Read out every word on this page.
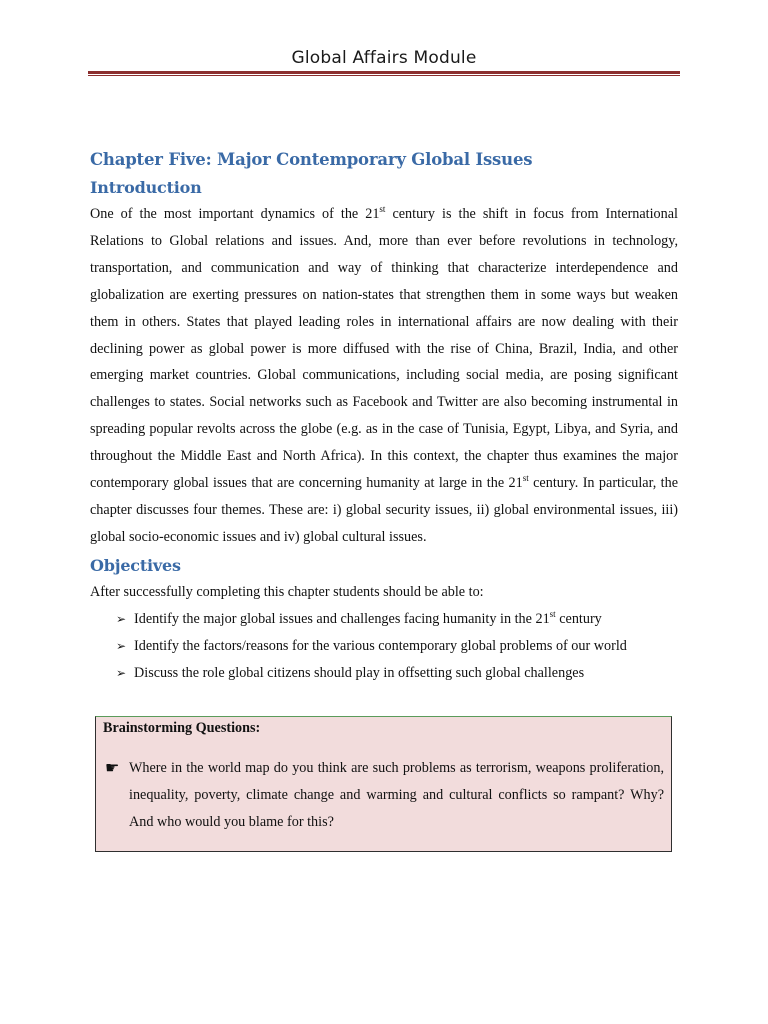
Global Affairs Module
Chapter Five: Major Contemporary Global Issues
Introduction

One of the most important dynamics of the 21st century is the shift in focus from International Relations to Global relations and issues. And, more than ever before revolutions in technology, transportation, and communication and way of thinking that characterize interdependence and globalization are exerting pressures on nation-states that strengthen them in some ways but weaken them in others. States that played leading roles in international affairs are now dealing with their declining power as global power is more diffused with the rise of China, Brazil, India, and other emerging market countries. Global communications, including social media, are posing significant challenges to states. Social networks such as Facebook and Twitter are also becoming instrumental in spreading popular revolts across the globe (e.g. as in the case of Tunisia, Egypt, Libya, and Syria, and throughout the Middle East and North Africa). In this context, the chapter thus examines the major contemporary global issues that are concerning humanity at large in the 21st century. In particular, the chapter discusses four themes. These are: i) global security issues, ii) global environmental issues, iii) global socio-economic issues and iv) global cultural issues.

Objectives

After successfully completing this chapter students should be able to:

➢ Identify the major global issues and challenges facing humanity in the 21st century
➢ Identify the factors/reasons for the various contemporary global problems of our world
➢ Discuss the role global citizens should play in offsetting such global challenges
Brainstorming Questions:
☛ Where in the world map do you think are such problems as terrorism, weapons proliferation, inequality, poverty, climate change and warming and cultural conflicts so rampant? Why? And who would you blame for this?
